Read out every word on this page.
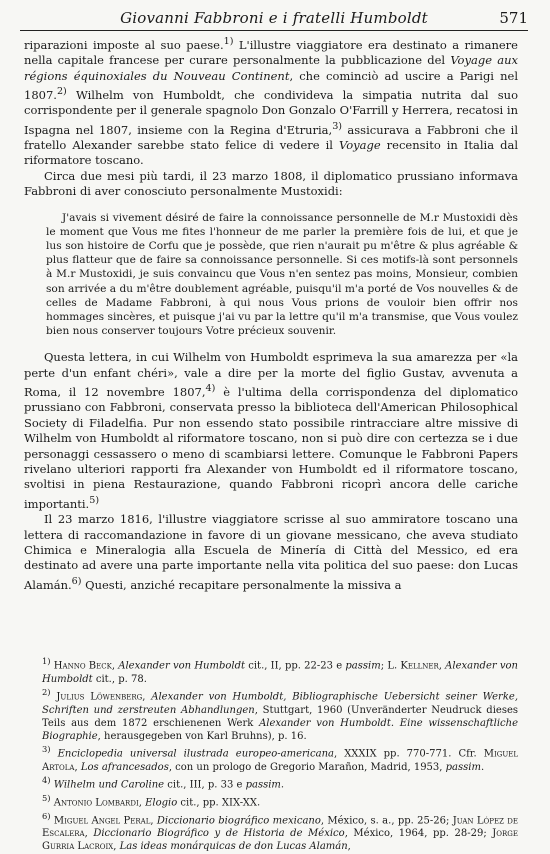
Giovanni Fabbroni e i fratelli Humboldt	571

riparazioni imposte al suo paese.$^{1)}$ L'illustre viaggiatore era destinato a rimanere nella capitale francese per curare personalmente la pubblicazione del Voyage aux régions équinoxiales du Nouveau Continent, che cominciò ad uscire a Parigi nel 1807.$^{2)}$ Wilhelm von Humboldt, che condivideva la simpatia nutrita dal suo corrispondente per il generale spagnolo Don Gonzalo O'Farrill y Herrera, recatosi in Ispagna nel 1807, insieme con la Regina d'Etruria,$^{3)}$ assicurava a Fabbroni che il fratello Alexander sarebbe stato felice di vedere il Voyage recensito in Italia dal riformatore toscano.

Circa due mesi più tardi, il 23 marzo 1808, il diplomatico prussiano informava Fabbroni di aver conosciuto personalmente Mustoxidi:

J'avais si vivement désiré de faire la connoissance personnelle de M.r Mustoxidi dès le moment que Vous me fites l'honneur de me parler la première fois de lui, et que je lus son histoire de Corfu que je possède, que rien n'aurait pu m'être & plus agréable & plus flatteur que de faire sa connoissance personnelle. Si ces motifs-là sont personnels à M.r Mustoxidi, je suis convaincu que Vous n'en sentez pas moins, Monsieur, combien son arrivée a du m'être doublement agréable, puisqu'il m'a porté de Vos nouvelles & de celles de Madame Fabbroni, à qui nous Vous prions de vouloir bien offrir nos hommages sincères, et puisque j'ai vu par la lettre qu'il m'a transmise, que Vous voulez bien nous conserver toujours Votre précieux souvenir.

Questa lettera, in cui Wilhelm von Humboldt esprimeva la sua amarezza per «la perte d'un enfant chéri», vale a dire per la morte del figlio Gustav, avvenuta a Roma, il 12 novembre 1807,$^{4)}$ è l'ultima della corrispondenza del diplomatico prussiano con Fabbroni, conservata presso la biblioteca dell'American Philosophical Society di Filadelfia. Pur non essendo stato possibile rintracciare altre missive di Wilhelm von Humboldt al riformatore toscano, non si può dire con certezza se i due personaggi cessassero o meno di scambiarsi lettere. Comunque le Fabbroni Papers rivelano ulteriori rapporti fra Alexander von Humboldt ed il riformatore toscano, svoltisi in piena Restaurazione, quando Fabbroni ricoprì ancora delle cariche importanti.$^{5)}$

Il 23 marzo 1816, l'illustre viaggiatore scrisse al suo ammiratore toscano una lettera di raccomandazione in favore di un giovane messicano, che aveva studiato Chimica e Mineralogia alla Escuela de Minería di Città del Messico, ed era destinato ad avere una parte importante nella vita politica del suo paese: don Lucas Alamán.$^{6)}$ Questi, anziché recapitare personalmente la missiva a

$^{1)}$ Hanno Beck, Alexander von Humboldt cit., II, pp. 22-23 e passim; L. Kellner, Alexander von Humboldt cit., p. 78.

$^{2)}$ Julius Löwenberg, Alexander von Humboldt, Bibliographische Uebersicht seiner Werke, Schriften und zerstreuten Abhandlungen, Stuttgart, 1960 (Unveränderter Neudruck dieses Teils aus dem 1872 erschienenen Werk Alexander von Humboldt. Eine wissenschaftliche Biographie, herausgegeben von Karl Bruhns), p. 16.

$^{3)}$ Enciclopedia universal ilustrada europeo-americana, XXXIX pp. 770-771. Cfr. Miguel Artola, Los afrancesados, con un prologo de Gregorio Marañon, Madrid, 1953, passim.

$^{4)}$ Wilhelm und Caroline cit., III, p. 33 e passim.

$^{5)}$ Antonio Lombardi, Elogio cit., pp. XIX-XX.

$^{6)}$ Miguel Angel Peral, Diccionario biográfico mexicano, México, s. a., pp. 25-26; Juan López de Escalera, Diccionario Biográfico y de Historia de México, México, 1964, pp. 28-29; Jorge Gurria Lacroix, Las ideas monárquicas de don Lucas Alamán,
